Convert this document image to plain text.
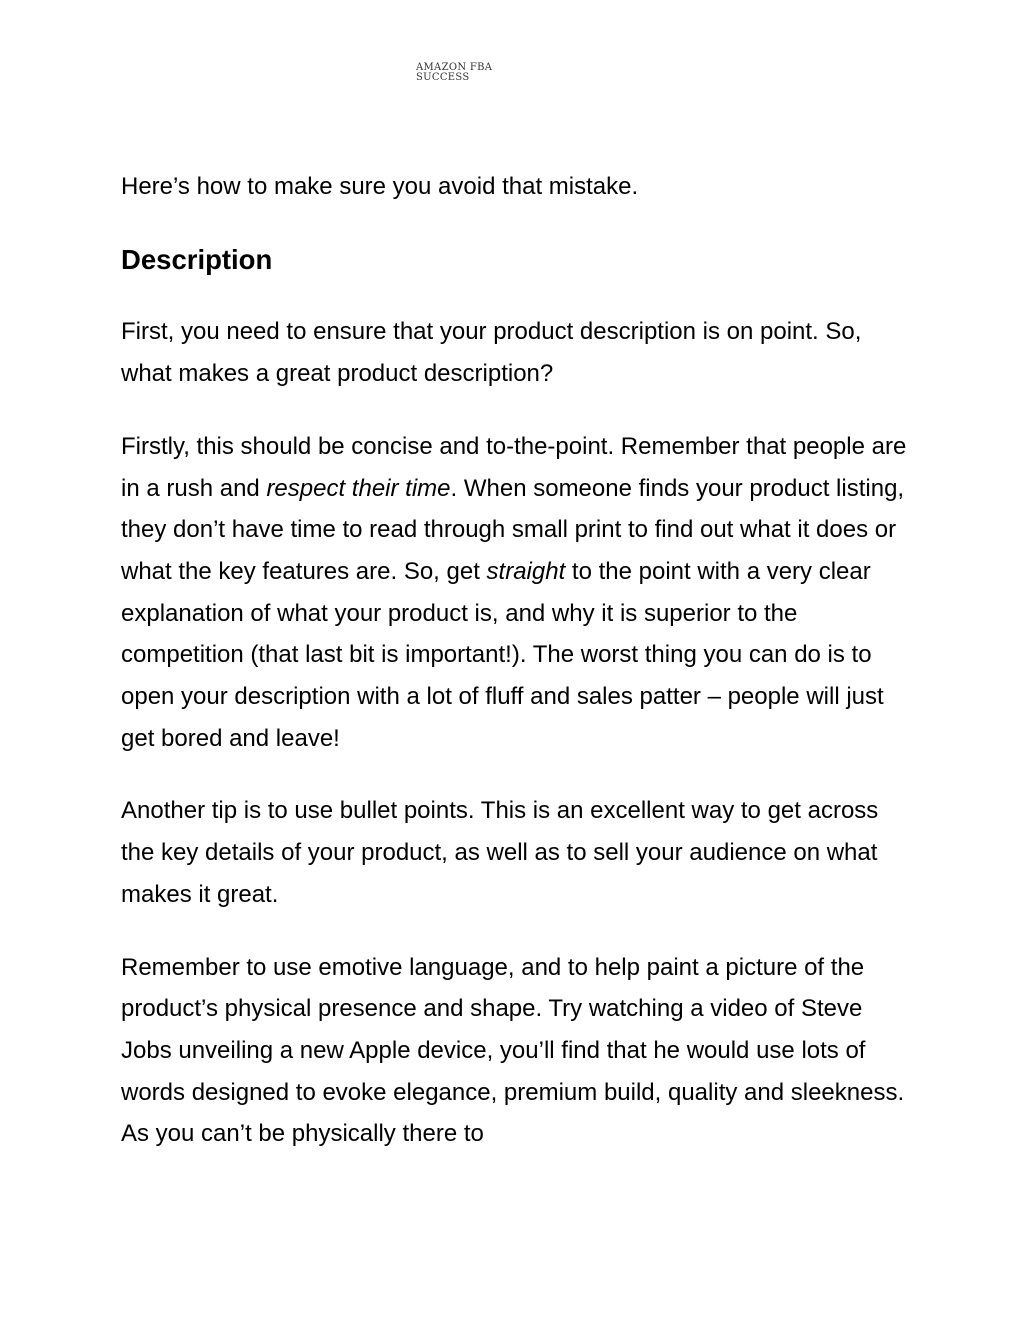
AMAZON FBA
SUCCESS

Here’s how to make sure you avoid that mistake.

Description

First, you need to ensure that your product description is on point. So, what makes a great product description?

Firstly, this should be concise and to-the-point. Remember that people are in a rush and respect their time. When someone finds your product listing, they don’t have time to read through small print to find out what it does or what the key features are. So, get straight to the point with a very clear explanation of what your product is, and why it is superior to the competition (that last bit is important!). The worst thing you can do is to open your description with a lot of fluff and sales patter – people will just get bored and leave!

Another tip is to use bullet points. This is an excellent way to get across the key details of your product, as well as to sell your audience on what makes it great.

Remember to use emotive language, and to help paint a picture of the product’s physical presence and shape. Try watching a video of Steve Jobs unveiling a new Apple device, you’ll find that he would use lots of words designed to evoke elegance, premium build, quality and sleekness. As you can’t be physically there to
